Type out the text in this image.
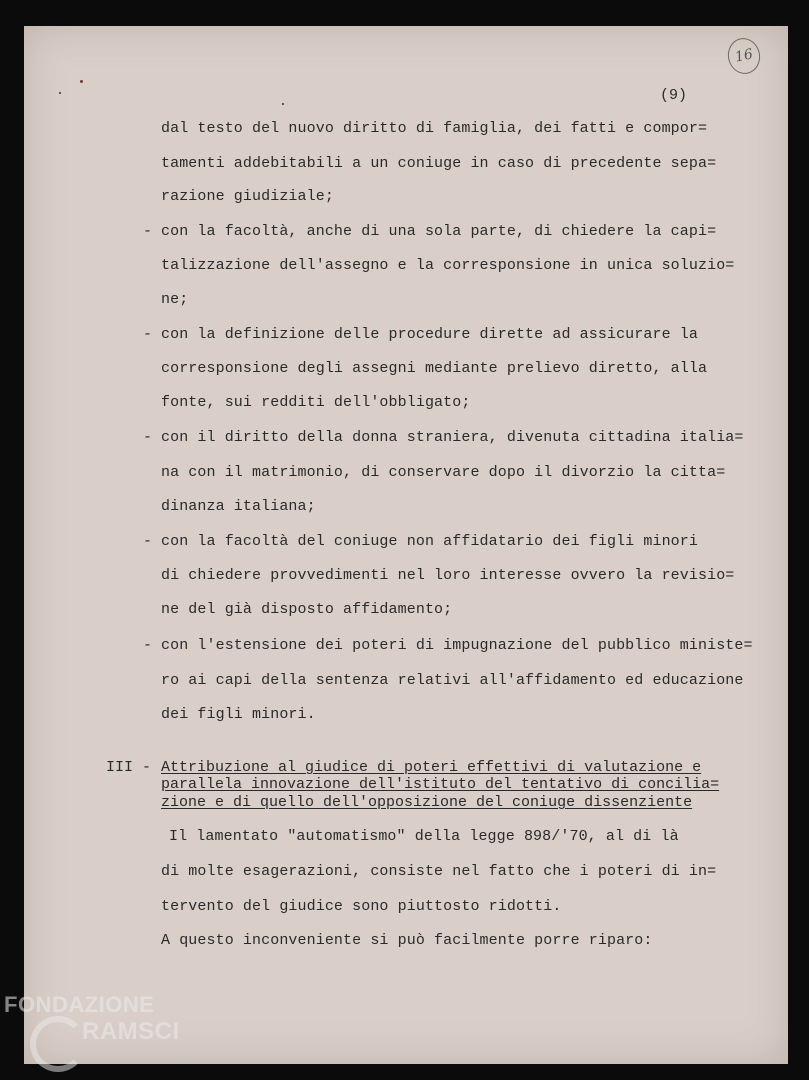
16
(9)
dal testo del nuovo diritto di famiglia, dei fatti e compor=
tamenti addebitabili a un coniuge in caso di precedente sepa=
razione giudiziale;
- con la facoltà, anche di una sola parte, di chiedere la capi=
talizzazione dell'assegno e la corresponsione in unica soluzio=
ne;
- con la definizione delle procedure dirette ad assicurare la
corresponsione degli assegni mediante prelievo diretto, alla
fonte, sui redditi dell'obbligato;
- con il diritto della donna straniera, divenuta cittadina italia=
na con il matrimonio, di conservare dopo il divorzio la citta=
dinanza italiana;
- con la facoltà del coniuge non affidatario dei figli minori
di chiedere provvedimenti nel loro interesse ovvero la revisio=
ne del già disposto affidamento;
- con l'estensione dei poteri di impugnazione del pubblico ministe=
ro ai capi della sentenza relativi all'affidamento ed educazione
dei figli minori.
III - Attribuzione al giudice di poteri effettivi di valutazione e
parallela innovazione dell'istituto del tentativo di concilia=
zione e di quello dell'opposizione del coniuge dissenziente
Il lamentato "automatismo" della legge 898/'70, al di là
di molte esagerazioni, consiste nel fatto che i poteri di in=
tervento del giudice sono piuttosto ridotti.
A questo inconveniente si può facilmente porre riparo:
FONDAZIONE
RAMSCI
onlus
